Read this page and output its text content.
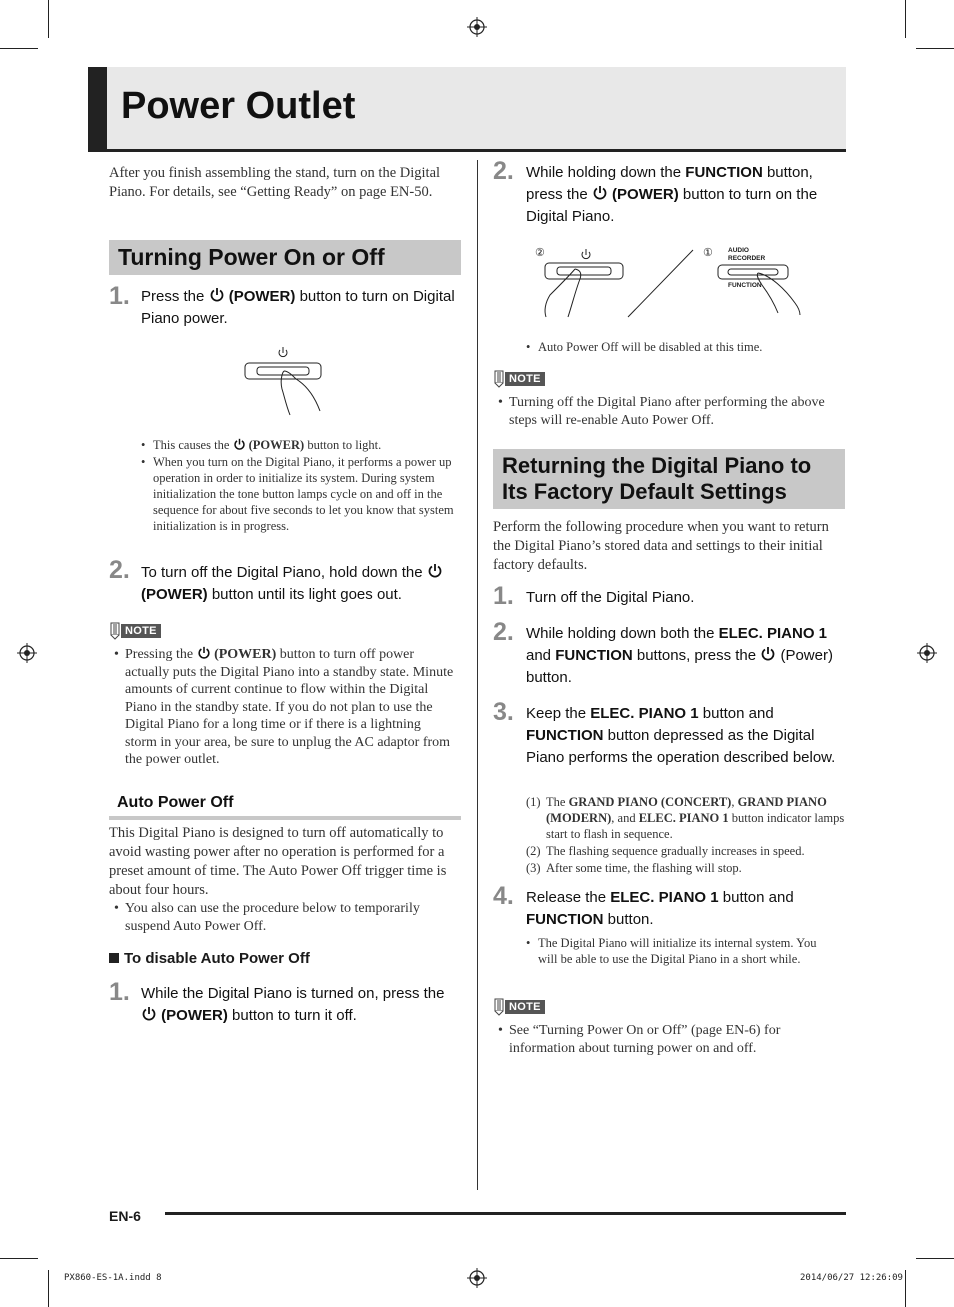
Power Outlet
After you finish assembling the stand, turn on the Digital Piano. For details, see “Getting Ready” on page EN-50.
Turning Power On or Off
1. Press the (POWER) button to turn on Digital Piano power.
• This causes the (POWER) button to light.
• When you turn on the Digital Piano, it performs a power up operation in order to initialize its system. During system initialization the tone button lamps cycle on and off in the sequence for about five seconds to let you know that system initialization is in progress.
2. To turn off the Digital Piano, hold down the  (POWER) button until its light goes out.
NOTE
• Pressing the (POWER) button to turn off power actually puts the Digital Piano into a standby state. Minute amounts of current continue to flow within the Digital Piano in the standby state. If you do not plan to use the Digital Piano for a long time or if there is a lightning storm in your area, be sure to unplug the AC adaptor from the power outlet.
Auto Power Off
This Digital Piano is designed to turn off automatically to avoid wasting power after no operation is performed for a preset amount of time. The Auto Power Off trigger time is about four hours.
• You also can use the procedure below to temporarily suspend Auto Power Off.
To disable Auto Power Off
1. While the Digital Piano is turned on, press the  (POWER) button to turn it off.
2. While holding down the FUNCTION button, press the (POWER) button to turn on the Digital Piano.
②	① AUDIO RECORDER
FUNCTION
• Auto Power Off will be disabled at this time.
NOTE
• Turning off the Digital Piano after performing the above steps will re-enable Auto Power Off.
Returning the Digital Piano to
Its Factory Default Settings
Perform the following procedure when you want to return the Digital Piano’s stored data and settings to their initial factory defaults.
1. Turn off the Digital Piano.
2. While holding down both the ELEC. PIANO 1 and FUNCTION buttons, press the (Power) button.
3. Keep the ELEC. PIANO 1 button and FUNCTION button depressed as the Digital Piano performs the operation described below.
(1) The GRAND PIANO (CONCERT), GRAND PIANO (MODERN), and ELEC. PIANO 1 button indicator lamps start to flash in sequence.
(2) The flashing sequence gradually increases in speed.
(3) After some time, the flashing will stop.
4. Release the ELEC. PIANO 1 button and FUNCTION button.
• The Digital Piano will initialize its internal system. You will be able to use the Digital Piano in a short while.
NOTE
• See “Turning Power On or Off” (page EN-6) for information about turning power on and off.
EN-6
PX860-ES-1A.indd 8	2014/06/27 12:26:09
